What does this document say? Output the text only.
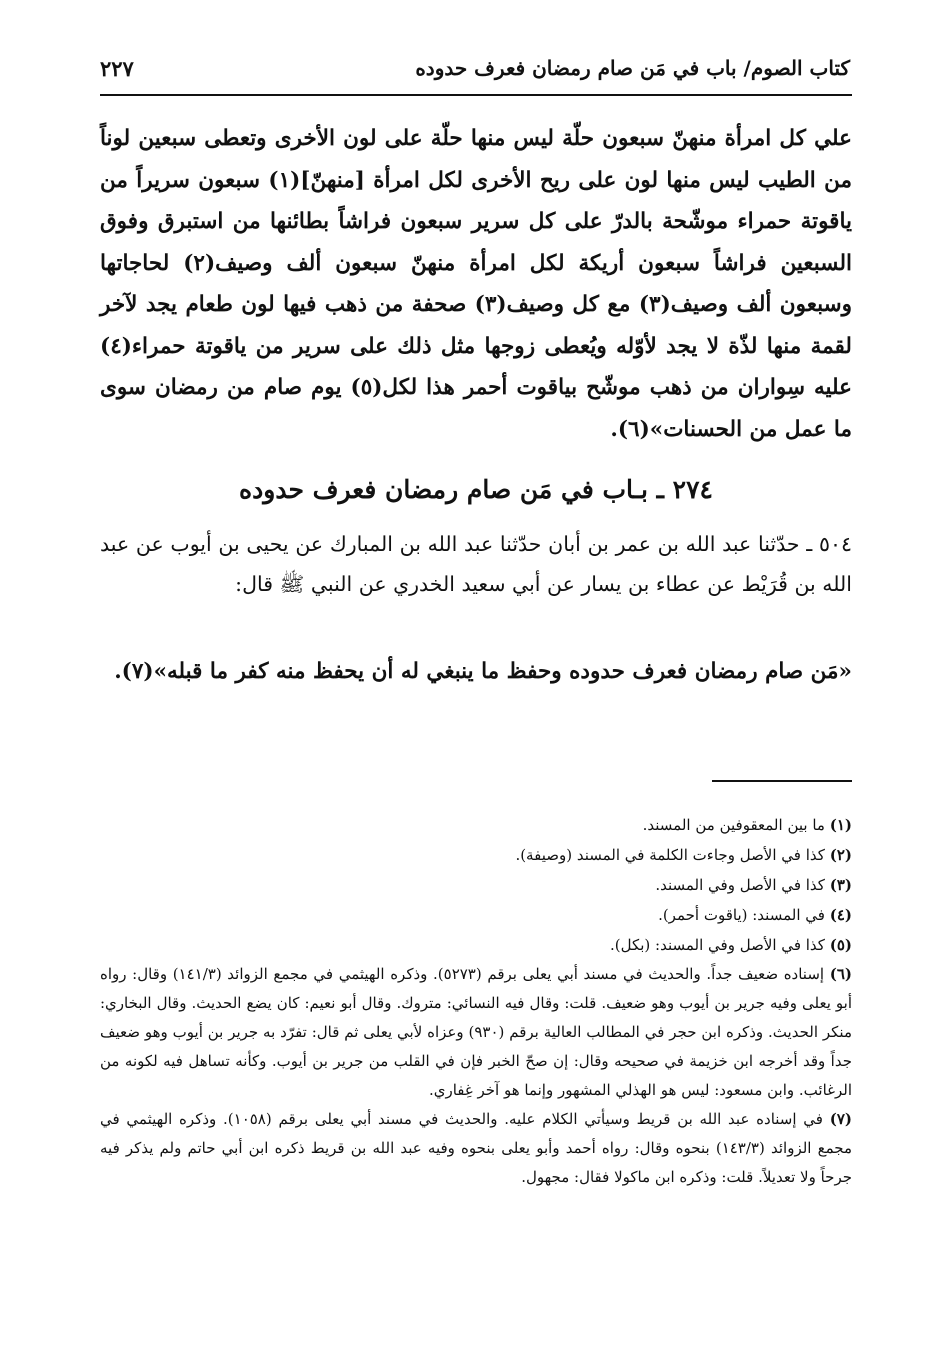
كتاب الصوم/ باب في مَن صام رمضان فعرف حدوده
٢٢٧

علي كل امرأة منهنّ سبعون حلّة ليس منها حلّة على لون الأخرى وتعطى سبعين لوناً من الطيب ليس منها لون على ريح الأخرى لكل امرأة [منهنّ](١) سبعون سريراً من ياقوتة حمراء موشّحة بالدرّ على كل سرير سبعون فراشاً بطائنها من استبرق وفوق السبعين فراشاً سبعون أريكة لكل امرأة منهنّ سبعون ألف وصيف(٢) لحاجاتها وسبعون ألف وصيف(٣) مع كل وصيف(٣) صحفة من ذهب فيها لون طعام يجد لآخر لقمة منها لذّة لا يجد لأوّله ويُعطى زوجها مثل ذلك على سرير من ياقوتة حمراء(٤) عليه سِواران من ذهب موشّح بياقوت أحمر هذا لكل(٥) يوم صام من رمضان سوى ما عمل من الحسنات»(٦).

٢٧٤ ـ بـاب في مَن صام رمضان فعرف حدوده

٥٠٤ ـ حدّثنا عبد الله بن عمر بن أبان حدّثنا عبد الله بن المبارك عن يحيى بن أيوب عن عبد الله بن قُرَيْط عن عطاء بن يسار عن أبي سعيد الخدري عن النبي ﷺ قال:

«مَن صام رمضان فعرف حدوده وحفظ ما ينبغي له أن يحفظ منه كفر ما قبله»(٧).

(١) ما بين المعقوفين من المسند.

(٢) كذا في الأصل وجاءت الكلمة في المسند (وصيفة).

(٣) كذا في الأصل وفي المسند.

(٤) في المسند: (ياقوت أحمر).

(٥) كذا في الأصل وفي المسند: (بكل).

(٦) إسناده ضعيف جداً. والحديث في مسند أبي يعلى برقم (٥٢٧٣). وذكره الهيثمي في مجمع الزوائد (١٤١/٣) وقال: رواه أبو يعلى وفيه جرير بن أيوب وهو ضعيف. قلت: وقال فيه النسائي: متروك. وقال أبو نعيم: كان يضع الحديث. وقال البخاري: منكر الحديث. وذكره ابن حجر في المطالب العالية برقم (٩٣٠) وعزاه لأبي يعلى ثم قال: تفرّد به جرير بن أيوب وهو ضعيف جداً وقد أخرجه ابن خزيمة في صحيحه وقال: إن صحّ الخبر فإن في القلب من جرير بن أيوب. وكأنه تساهل فيه لكونه من الرغائب. وابن مسعود: ليس هو الهذلي المشهور وإنما هو آخر غِفاري.

(٧) في إسناده عبد الله بن قريط وسيأتي الكلام عليه. والحديث في مسند أبي يعلى برقم (١٠٥٨). وذكره الهيثمي في مجمع الزوائد (١٤٣/٣) بنحوه وقال: رواه أحمد وأبو يعلى بنحوه وفيه عبد الله بن قريط ذكره ابن أبي حاتم ولم يذكر فيه جرحاً ولا تعديلاً. قلت: وذكره ابن ماكولا فقال: مجهول.
